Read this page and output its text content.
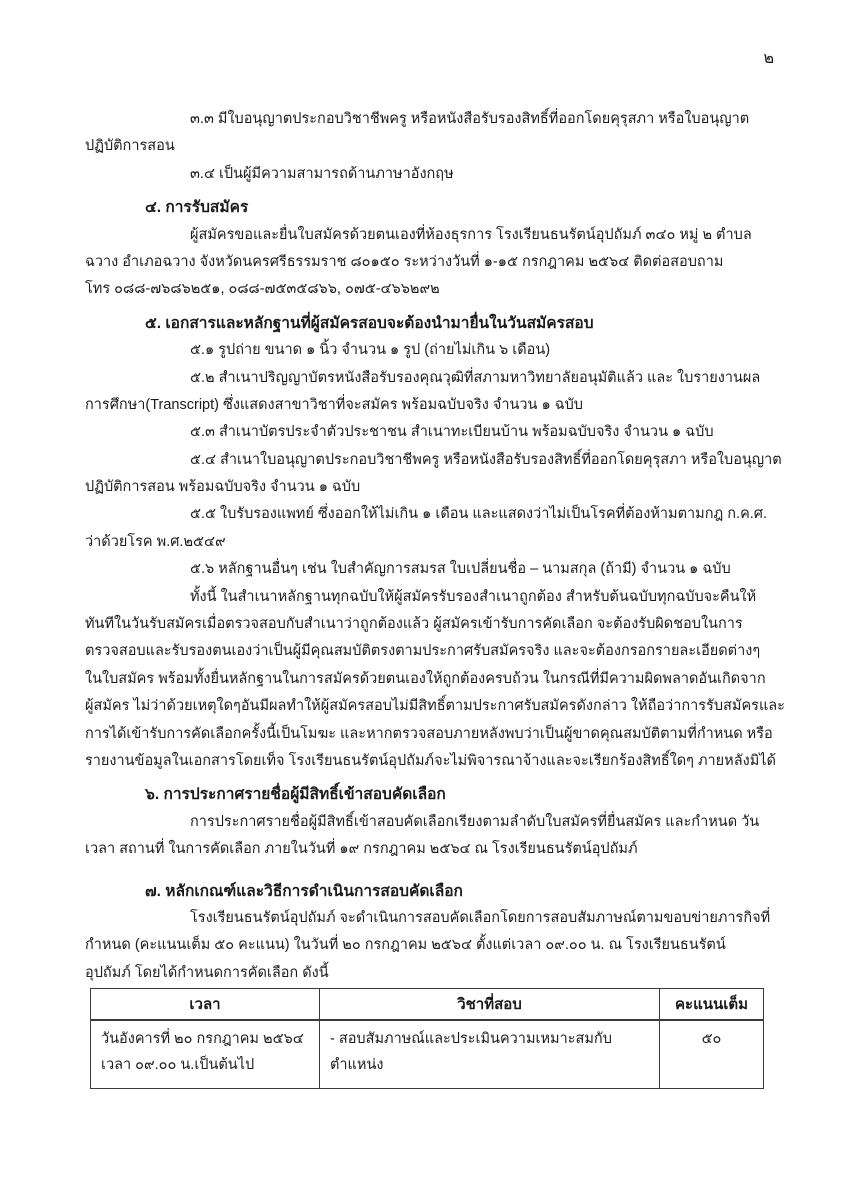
๒
๓.๓ มีใบอนุญาตประกอบวิชาชีพครู หรือหนังสือรับรองสิทธิ์ที่ออกโดยคุรุสภา หรือใบอนุญาต
ปฏิบัติการสอน
๓.๔ เป็นผู้มีความสามารถด้านภาษาอังกฤษ
๔. การรับสมัคร
ผู้สมัครขอและยื่นใบสมัครด้วยตนเองที่ห้องธุรการ โรงเรียนธนรัตน์อุปถัมภ์ ๓๔๐ หมู่ ๒ ตำบล
ฉวาง อำเภอฉวาง จังหวัดนครศรีธรรมราช ๘๐๑๕๐ ระหว่างวันที่ ๑-๑๕ กรกฎาคม ๒๕๖๔ ติดต่อสอบถาม
โทร ๐๘๘-๗๖๘๖๒๕๑, ๐๘๘-๗๕๓๕๘๖๖, ๐๗๕-๔๖๖๒๙๒
๕. เอกสารและหลักฐานที่ผู้สมัครสอบจะต้องนำมายื่นในวันสมัครสอบ
๕.๑ รูปถ่าย ขนาด ๑ นิ้ว จำนวน ๑ รูป (ถ่ายไม่เกิน ๖ เดือน)
๕.๒ สำเนาปริญญาบัตรหนังสือรับรองคุณวุฒิที่สภามหาวิทยาลัยอนุมัติแล้ว และ ใบรายงานผล
การศึกษา(Transcript) ซึ่งแสดงสาขาวิชาที่จะสมัคร พร้อมฉบับจริง จำนวน ๑ ฉบับ
๕.๓ สำเนาบัตรประจำตัวประชาชน สำเนาทะเบียนบ้าน พร้อมฉบับจริง จำนวน ๑ ฉบับ
๕.๔ สำเนาใบอนุญาตประกอบวิชาชีพครู หรือหนังสือรับรองสิทธิ์ที่ออกโดยคุรุสภา หรือใบอนุญาต
ปฏิบัติการสอน พร้อมฉบับจริง จำนวน ๑ ฉบับ
๕.๕ ใบรับรองแพทย์ ซึ่งออกให้ไม่เกิน ๑ เดือน และแสดงว่าไม่เป็นโรคที่ต้องห้ามตามกฎ ก.ค.ศ.
ว่าด้วยโรค พ.ศ.๒๕๔๙
๕.๖ หลักฐานอื่นๆ เช่น ใบสำคัญการสมรส ใบเปลี่ยนชื่อ – นามสกุล (ถ้ามี) จำนวน ๑ ฉบับ
ทั้งนี้ ในสำเนาหลักฐานทุกฉบับให้ผู้สมัครรับรองสำเนาถูกต้อง สำหรับต้นฉบับทุกฉบับจะคืนให้
ทันทีในวันรับสมัครเมื่อตรวจสอบกับสำเนาว่าถูกต้องแล้ว ผู้สมัครเข้ารับการคัดเลือก จะต้องรับผิดชอบในการ
ตรวจสอบและรับรองตนเองว่าเป็นผู้มีคุณสมบัติตรงตามประกาศรับสมัครจริง และจะต้องกรอกรายละเอียดต่างๆ
ในใบสมัคร พร้อมทั้งยื่นหลักฐานในการสมัครด้วยตนเองให้ถูกต้องครบถ้วน ในกรณีที่มีความผิดพลาดอันเกิดจาก
ผู้สมัคร ไม่ว่าด้วยเหตุใดๆอันมีผลทำให้ผู้สมัครสอบไม่มีสิทธิ์ตามประกาศรับสมัครดังกล่าว ให้ถือว่าการรับสมัครและ
การได้เข้ารับการคัดเลือกครั้งนี้เป็นโมฆะ และหากตรวจสอบภายหลังพบว่าเป็นผู้ขาดคุณสมบัติตามที่กำหนด หรือ
รายงานข้อมูลในเอกสารโดยเท็จ โรงเรียนธนรัตน์อุปถัมภ์จะไม่พิจารณาจ้างและจะเรียกร้องสิทธิ์ใดๆ ภายหลังมิได้
๖. การประกาศรายชื่อผู้มีสิทธิ์เข้าสอบคัดเลือก
การประกาศรายชื่อผู้มีสิทธิ์เข้าสอบคัดเลือกเรียงตามลำดับใบสมัครที่ยื่นสมัคร และกำหนด วัน
เวลา สถานที่ ในการคัดเลือก ภายในวันที่ ๑๙ กรกฎาคม ๒๕๖๔ ณ โรงเรียนธนรัตน์อุปถัมภ์
๗. หลักเกณฑ์และวิธีการดำเนินการสอบคัดเลือก
โรงเรียนธนรัตน์อุปถัมภ์ จะดำเนินการสอบคัดเลือกโดยการสอบสัมภาษณ์ตามขอบข่ายภารกิจที่
กำหนด (คะแนนเต็ม ๕๐ คะแนน) ในวันที่ ๒๐ กรกฎาคม ๒๕๖๔ ตั้งแต่เวลา ๐๙.๐๐ น. ณ โรงเรียนธนรัตน์
อุปถัมภ์ โดยได้กำหนดการคัดเลือก ดังนี้
เวลา	วิชาที่สอบ	คะแนนเต็ม

วันอังคารที่ ๒๐ กรกฎาคม ๒๕๖๔
เวลา ๐๙.๐๐ น.เป็นต้นไป	- สอบสัมภาษณ์และประเมินความเหมาะสมกับตำแหน่ง	๕๐
